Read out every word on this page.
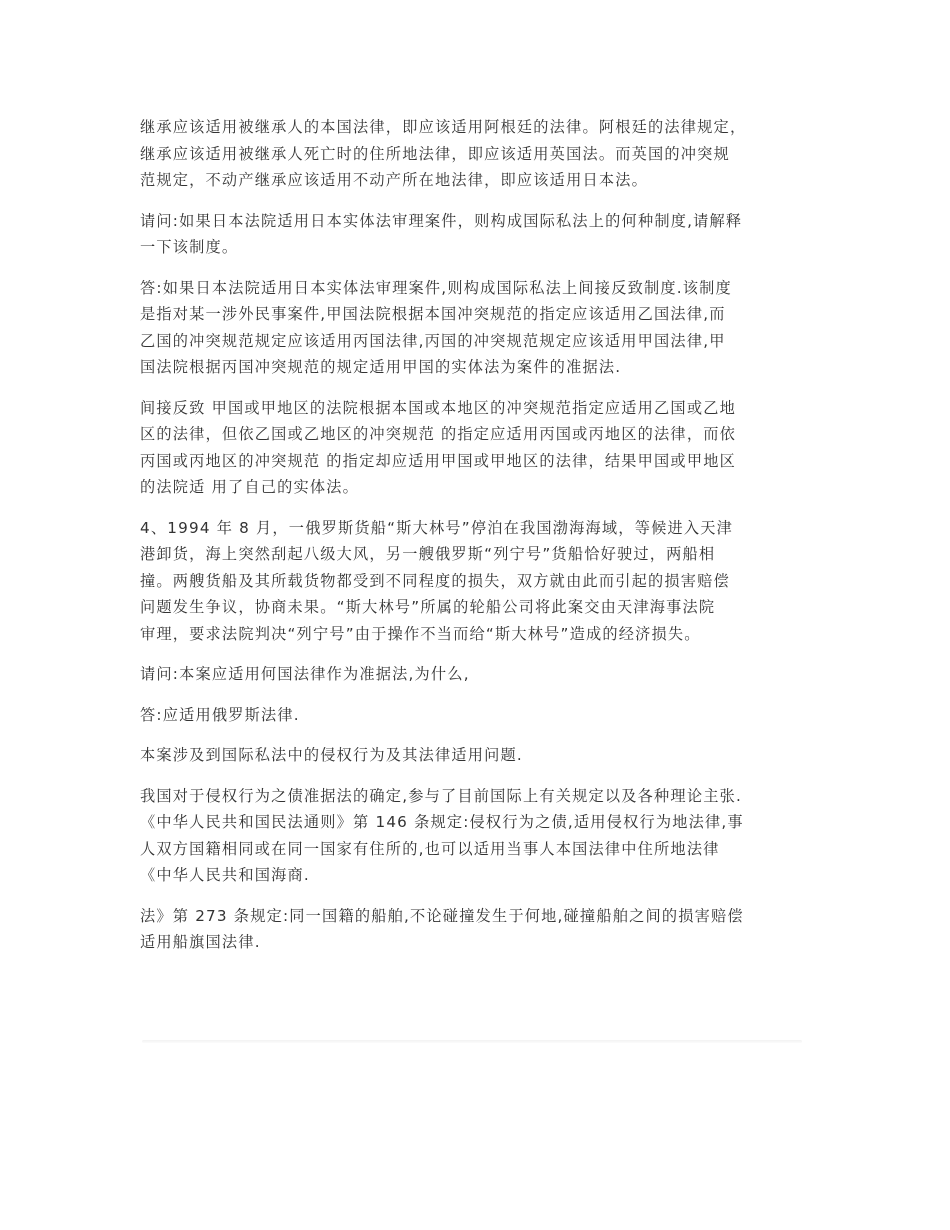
继承应该适用被继承人的本国法律，即应该适用阿根廷的法律。阿根廷的法律规定，
继承应该适用被继承人死亡时的住所地法律，即应该适用英国法。而英国的冲突规
范规定，不动产继承应该适用不动产所在地法律，即应该适用日本法。

请问:如果日本法院适用日本实体法审理案件，则构成国际私法上的何种制度,请解释
一下该制度。

答:如果日本法院适用日本实体法审理案件,则构成国际私法上间接反致制度.该制度
是指对某一涉外民事案件,甲国法院根据本国冲突规范的指定应该适用乙国法律,而
乙国的冲突规范规定应该适用丙国法律,丙国的冲突规范规定应该适用甲国法律,甲
国法院根据丙国冲突规范的规定适用甲国的实体法为案件的准据法.

间接反致 甲国或甲地区的法院根据本国或本地区的冲突规范指定应适用乙国或乙地
区的法律，但依乙国或乙地区的冲突规范 的指定应适用丙国或丙地区的法律，而依
丙国或丙地区的冲突规范 的指定却应适用甲国或甲地区的法律，结果甲国或甲地区
的法院适 用了自己的实体法。

4、1994 年 8 月，一俄罗斯货船“斯大林号”停泊在我国渤海海域，等候进入天津
港卸货，海上突然刮起八级大风，另一艘俄罗斯“列宁号”货船恰好驶过，两船相
撞。两艘货船及其所载货物都受到不同程度的损失，双方就由此而引起的损害赔偿
问题发生争议，协商未果。“斯大林号”所属的轮船公司将此案交由天津海事法院
审理，要求法院判决“列宁号”由于操作不当而给“斯大林号”造成的经济损失。

请问:本案应适用何国法律作为准据法,为什么,

答:应适用俄罗斯法律.

本案涉及到国际私法中的侵权行为及其法律适用问题.

我国对于侵权行为之债准据法的确定,参与了目前国际上有关规定以及各种理论主张.
《中华人民共和国民法通则》第 146 条规定:侵权行为之债,适用侵权行为地法律,事
人双方国籍相同或在同一国家有住所的,也可以适用当事人本国法律中住所地法律
《中华人民共和国海商.

法》第 273 条规定:同一国籍的船舶,不论碰撞发生于何地,碰撞船舶之间的损害赔偿
适用船旗国法律.
